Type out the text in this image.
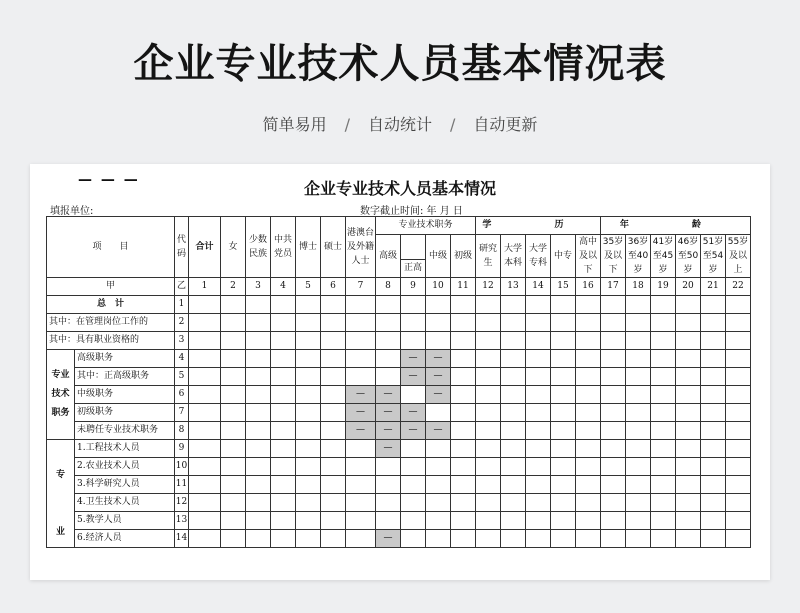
企业专业技术人员基本情况表
简单易用 / 自动统计 / 自动更新
— — —	企业专业技术人员基本情况
填报单位:	数字截止时间: 年 月 日
项　　目		代码	合计	女	少数民族	中共党员	博士	硕士	港澳台及外籍人士	专业技术职务				学 历					年 龄					
														研究生	大学本科	大学专科	中专	高中及以下	35岁及以下	36岁至40岁	41岁至45岁	46岁至50岁	51岁至54岁	55岁及以上
										高级		中级	初级											
											正高													
甲		乙	1	2	3	4	5	6	7	8	9	10	11	12	13	14	15	16	17	18	19	20	21	22
总　计		1																						
其中：在管理岗位工作的		2																						
其中：具有职业资格的		3																						

专业
技术
职务	高级职务	4									—	—												
	其中：正高级职务	5									—	—												
	中级职务	6							—	—		—												
	初级职务	7							—	—	—													
	未聘任专业技术职务	8							—	—	—	—												

专
业	1.工程技术人员	9								—														
	2.农业技术人员	10																						
	3.科学研究人员	11																						
	4.卫生技术人员	12																						
	5.教学人员	13																						
	6.经济人员	14								—														
